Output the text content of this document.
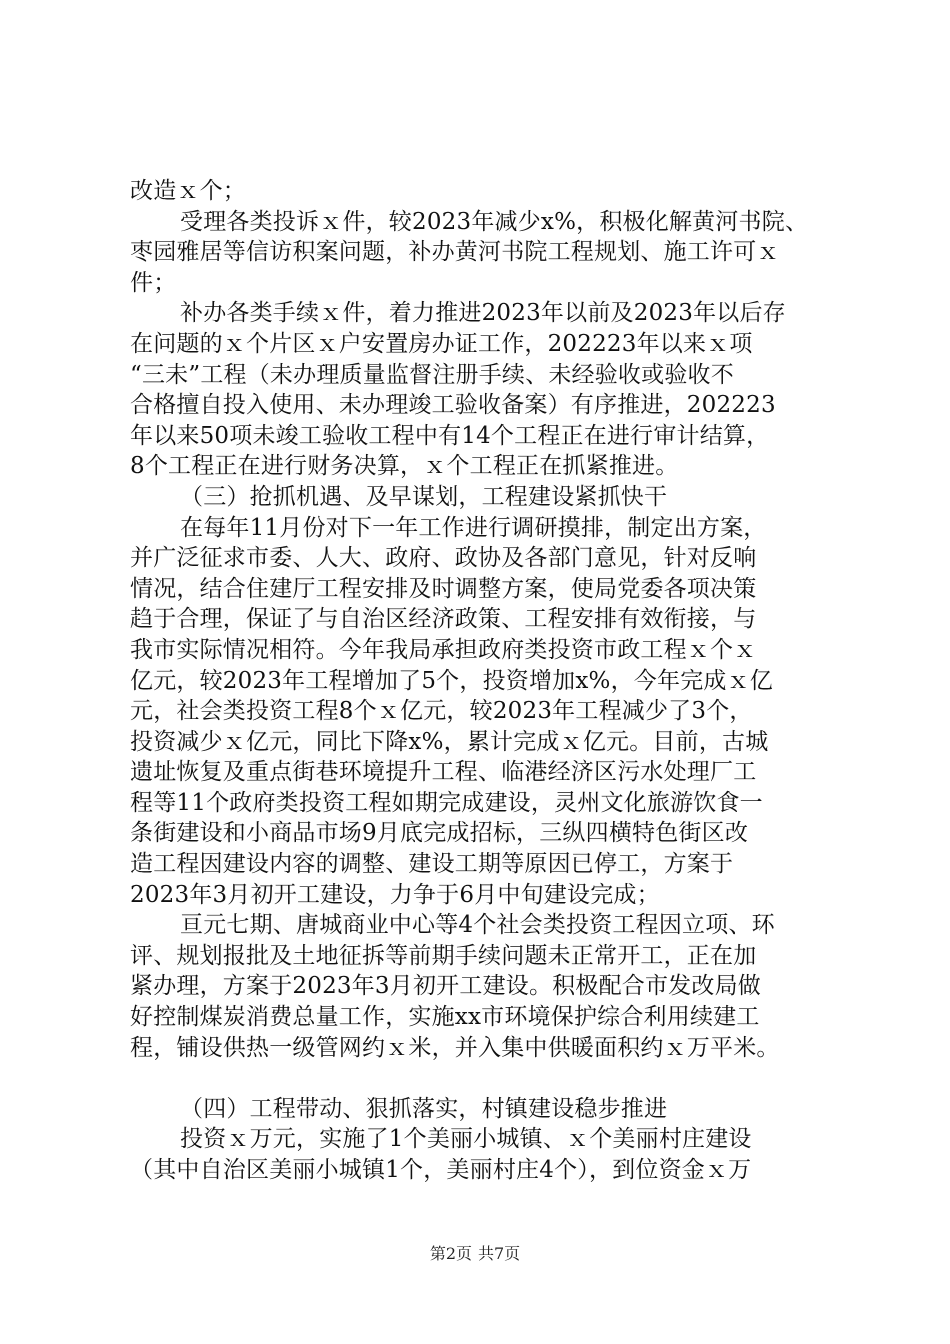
改造ｘ个；
受理各类投诉ｘ件，较2023年减少x%，积极化解黄河书院、
枣园雅居等信访积案问题，补办黄河书院工程规划、施工许可ｘ
件；
补办各类手续ｘ件，着力推进2023年以前及2023年以后存
在问题的ｘ个片区ｘ户安置房办证工作，202223年以来ｘ项
“三未”工程（未办理质量监督注册手续、未经验收或验收不
合格擅自投入使用、未办理竣工验收备案）有序推进，202223
年以来50项未竣工验收工程中有14个工程正在进行审计结算，
8个工程正在进行财务决算，ｘ个工程正在抓紧推进。
（三）抢抓机遇、及早谋划，工程建设紧抓快干
在每年11月份对下一年工作进行调研摸排，制定出方案，
并广泛征求市委、人大、政府、政协及各部门意见，针对反响
情况，结合住建厅工程安排及时调整方案，使局党委各项决策
趋于合理，保证了与自治区经济政策、工程安排有效衔接，与
我市实际情况相符。今年我局承担政府类投资市政工程ｘ个ｘ
亿元，较2023年工程增加了5个，投资增加x%，今年完成ｘ亿
元，社会类投资工程8个ｘ亿元，较2023年工程减少了3个，
投资减少ｘ亿元，同比下降x%，累计完成ｘ亿元。目前，古城
遗址恢复及重点街巷环境提升工程、临港经济区污水处理厂工
程等11个政府类投资工程如期完成建设，灵州文化旅游饮食一
条街建设和小商品市场9月底完成招标，三纵四横特色街区改
造工程因建设内容的调整、建设工期等原因已停工，方案于
2023年3月初开工建设，力争于6月中旬建设完成；
亘元七期、唐城商业中心等4个社会类投资工程因立项、环
评、规划报批及土地征拆等前期手续问题未正常开工，正在加
紧办理，方案于2023年3月初开工建设。积极配合市发改局做
好控制煤炭消费总量工作，实施xx市环境保护综合利用续建工
程，铺设供热一级管网约ｘ米，并入集中供暖面积约ｘ万平米。
（四）工程带动、狠抓落实，村镇建设稳步推进
投资ｘ万元，实施了1个美丽小城镇、ｘ个美丽村庄建设
（其中自治区美丽小城镇1个，美丽村庄4个），到位资金ｘ万
第2页 共7页
